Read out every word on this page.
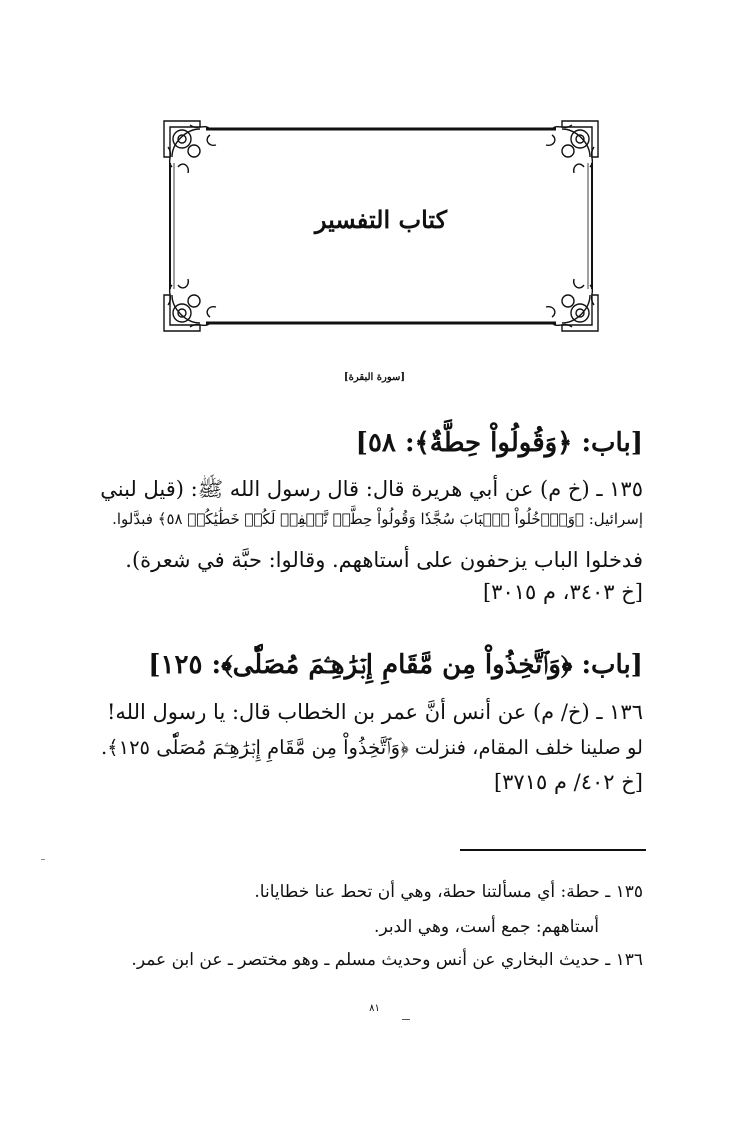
كتاب التفسير
[سورة البقرة]
[باب: ﴿وَقُولُواْ حِطَّةٌ﴾: ٥٨]
١٣٥ ـ (خ م) عن أبي هريرة قال: قال رسول الله ﷺ: (قيل لبني
إسرائيل: ﴿وَٱدۡخُلُواْ ٱلۡبَابَ سُجَّدٗا وَقُولُواْ حِطَّةٞ نَّغۡفِرۡ لَكُمۡ خَطَٰيَٰكُمۡ ٥٨﴾ فبدَّلوا.
فدخلوا الباب يزحفون على أستاههم. وقالوا: حبَّة في شعرة).
[خ ٣٤٠٣، م ٣٠١٥]
[باب: ﴿وَٱتَّخِذُواْ مِن مَّقَامِ إِبۡرَٰهِـۧمَ مُصَلّٗى﴾: ١٢٥]
١٣٦ ـ (خ/ م) عن أنس أنَّ عمر بن الخطاب قال: يا رسول الله!
لو صلينا خلف المقام، فنزلت ﴿وَٱتَّخِذُواْ مِن مَّقَامِ إِبۡرَٰهِـۧمَ مُصَلّٗى ١٢٥﴾.
[خ ٤٠٢/ م ٣٧١٥]
١٣٥ ـ حطة: أي مسألتنا حطة، وهي أن تحط عنا خطايانا.
أستاههم: جمع أست، وهي الدبر.
١٣٦ ـ حديث البخاري عن أنس وحديث مسلم ـ وهو مختصر ـ عن ابن عمر.
٨١
